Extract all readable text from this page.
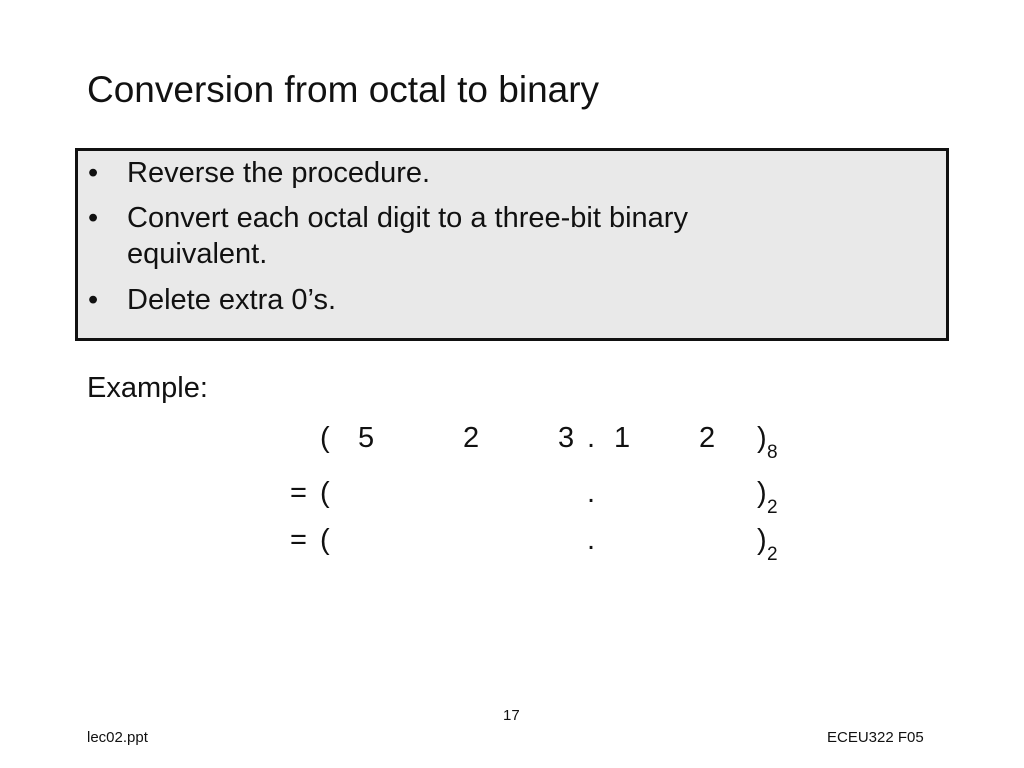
Conversion from octal to binary
• Reverse the procedure.
• Convert each octal digit to a three-bit binary
equivalent.
• Delete extra 0’s.
Example:
( 5	2	3 . 1 2 ) 8
= (	.	) 2
= (	.	) 2
17
lec02.ppt	ECEU322 F05
